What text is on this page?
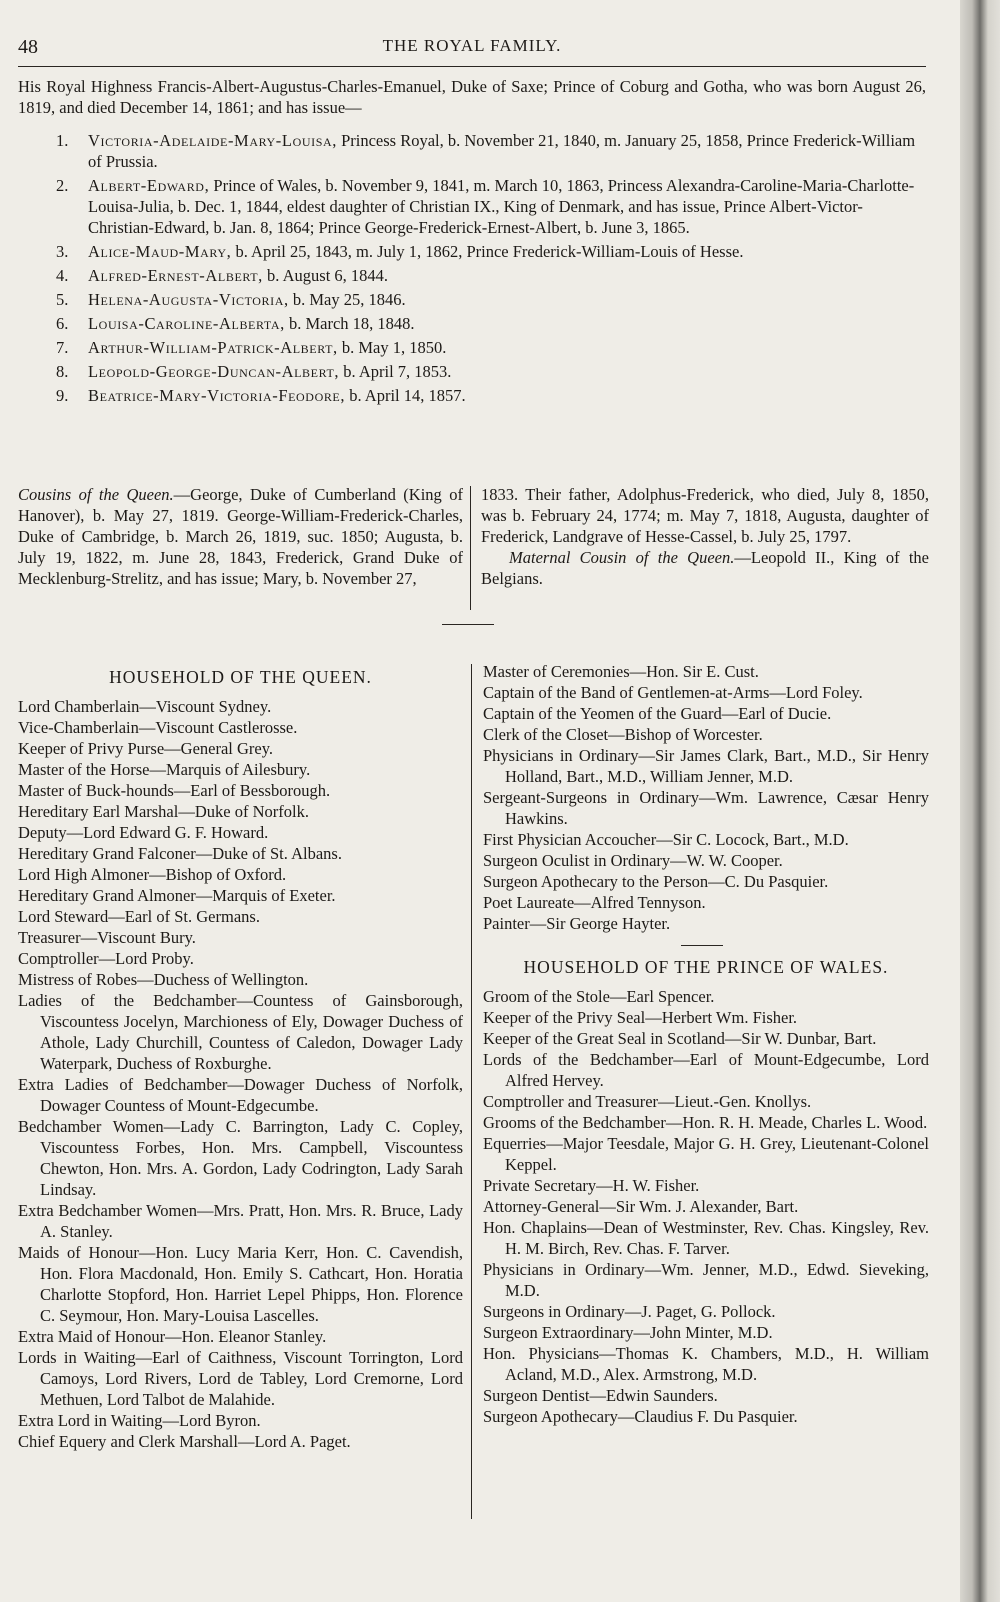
48	THE ROYAL FAMILY.
His Royal Highness Francis-Albert-Augustus-Charles-Emanuel, Duke of Saxe; Prince of Coburg and Gotha, who was born August 26, 1819, and died December 14, 1861; and has issue—
1. Victoria-Adelaide-Mary-Louisa, Princess Royal, b. November 21, 1840, m. January 25, 1858, Prince Frederick-William of Prussia.
2. Albert-Edward, Prince of Wales, b. November 9, 1841, m. March 10, 1863, Princess Alexandra-Caroline-Maria-Charlotte-Louisa-Julia, b. Dec. 1, 1844, eldest daughter of Christian IX., King of Denmark, and has issue, Prince Albert-Victor-Christian-Edward, b. Jan. 8, 1864; Prince George-Frederick-Ernest-Albert, b. June 3, 1865.
3. Alice-Maud-Mary, b. April 25, 1843, m. July 1, 1862, Prince Frederick-William-Louis of Hesse.
4. Alfred-Ernest-Albert, b. August 6, 1844.
5. Helena-Augusta-Victoria, b. May 25, 1846.
6. Louisa-Caroline-Alberta, b. March 18, 1848.
7. Arthur-William-Patrick-Albert, b. May 1, 1850.
8. Leopold-George-Duncan-Albert, b. April 7, 1853.
9. Beatrice-Mary-Victoria-Feodore, b. April 14, 1857.
Cousins of the Queen.—George, Duke of Cumberland (King of Hanover), b. May 27, 1819. George-William-Frederick-Charles, Duke of Cambridge, b. March 26, 1819, suc. 1850; Augusta, b. July 19, 1822, m. June 28, 1843, Frederick, Grand Duke of Mecklenburg-Strelitz, and has issue; Mary, b. November 27,
1833. Their father, Adolphus-Frederick, who died, July 8, 1850, was b. February 24, 1774; m. May 7, 1818, Augusta, daughter of Frederick, Landgrave of Hesse-Cassel, b. July 25, 1797.
Maternal Cousin of the Queen.—Leopold II., King of the Belgians.
HOUSEHOLD OF THE QUEEN.
Lord Chamberlain—Viscount Sydney.
Vice-Chamberlain—Viscount Castlerosse.
Keeper of Privy Purse—General Grey.
Master of the Horse—Marquis of Ailesbury.
Master of Buck-hounds—Earl of Bessborough.
Hereditary Earl Marshal—Duke of Norfolk.
Deputy—Lord Edward G. F. Howard.
Hereditary Grand Falconer—Duke of St. Albans.
Lord High Almoner—Bishop of Oxford.
Hereditary Grand Almoner—Marquis of Exeter.
Lord Steward—Earl of St. Germans.
Treasurer—Viscount Bury.
Comptroller—Lord Proby.
Mistress of Robes—Duchess of Wellington.
Ladies of the Bedchamber—Countess of Gainsborough, Viscountess Jocelyn, Marchioness of Ely, Dowager Duchess of Athole, Lady Churchill, Countess of Caledon, Dowager Lady Waterpark, Duchess of Roxburghe.
Extra Ladies of Bedchamber—Dowager Duchess of Norfolk, Dowager Countess of Mount-Edgecumbe.
Bedchamber Women—Lady C. Barrington, Lady C. Copley, Viscountess Forbes, Hon. Mrs. Campbell, Viscountess Chewton, Hon. Mrs. A. Gordon, Lady Codrington, Lady Sarah Lindsay.
Extra Bedchamber Women—Mrs. Pratt, Hon. Mrs. R. Bruce, Lady A. Stanley.
Maids of Honour—Hon. Lucy Maria Kerr, Hon. C. Cavendish, Hon. Flora Macdonald, Hon. Emily S. Cathcart, Hon. Horatia Charlotte Stopford, Hon. Harriet Lepel Phipps, Hon. Florence C. Seymour, Hon. Mary-Louisa Lascelles.
Extra Maid of Honour—Hon. Eleanor Stanley.
Lords in Waiting—Earl of Caithness, Viscount Torrington, Lord Camoys, Lord Rivers, Lord de Tabley, Lord Cremorne, Lord Methuen, Lord Talbot de Malahide.
Extra Lord in Waiting—Lord Byron.
Chief Equery and Clerk Marshall—Lord A. Paget.
Master of Ceremonies—Hon. Sir E. Cust.
Captain of the Band of Gentlemen-at-Arms—Lord Foley.
Captain of the Yeomen of the Guard—Earl of Ducie.
Clerk of the Closet—Bishop of Worcester.
Physicians in Ordinary—Sir James Clark, Bart., M.D., Sir Henry Holland, Bart., M.D., William Jenner, M.D.
Sergeant-Surgeons in Ordinary—Wm. Lawrence, Cæsar Henry Hawkins.
First Physician Accoucher—Sir C. Locock, Bart., M.D.
Surgeon Oculist in Ordinary—W. W. Cooper.
Surgeon Apothecary to the Person—C. Du Pasquier.
Poet Laureate—Alfred Tennyson.
Painter—Sir George Hayter.
HOUSEHOLD OF THE PRINCE OF WALES.
Groom of the Stole—Earl Spencer.
Keeper of the Privy Seal—Herbert Wm. Fisher.
Keeper of the Great Seal in Scotland—Sir W. Dunbar, Bart.
Lords of the Bedchamber—Earl of Mount-Edgecumbe, Lord Alfred Hervey.
Comptroller and Treasurer—Lieut.-Gen. Knollys.
Grooms of the Bedchamber—Hon. R. H. Meade, Charles L. Wood.
Equerries—Major Teesdale, Major G. H. Grey, Lieutenant-Colonel Keppel.
Private Secretary—H. W. Fisher.
Attorney-General—Sir Wm. J. Alexander, Bart.
Hon. Chaplains—Dean of Westminster, Rev. Chas. Kingsley, Rev. H. M. Birch, Rev. Chas. F. Tarver.
Physicians in Ordinary—Wm. Jenner, M.D., Edwd. Sieveking, M.D.
Surgeons in Ordinary—J. Paget, G. Pollock.
Surgeon Extraordinary—John Minter, M.D.
Hon. Physicians—Thomas K. Chambers, M.D., H. William Acland, M.D., Alex. Armstrong, M.D.
Surgeon Dentist—Edwin Saunders.
Surgeon Apothecary—Claudius F. Du Pasquier.
